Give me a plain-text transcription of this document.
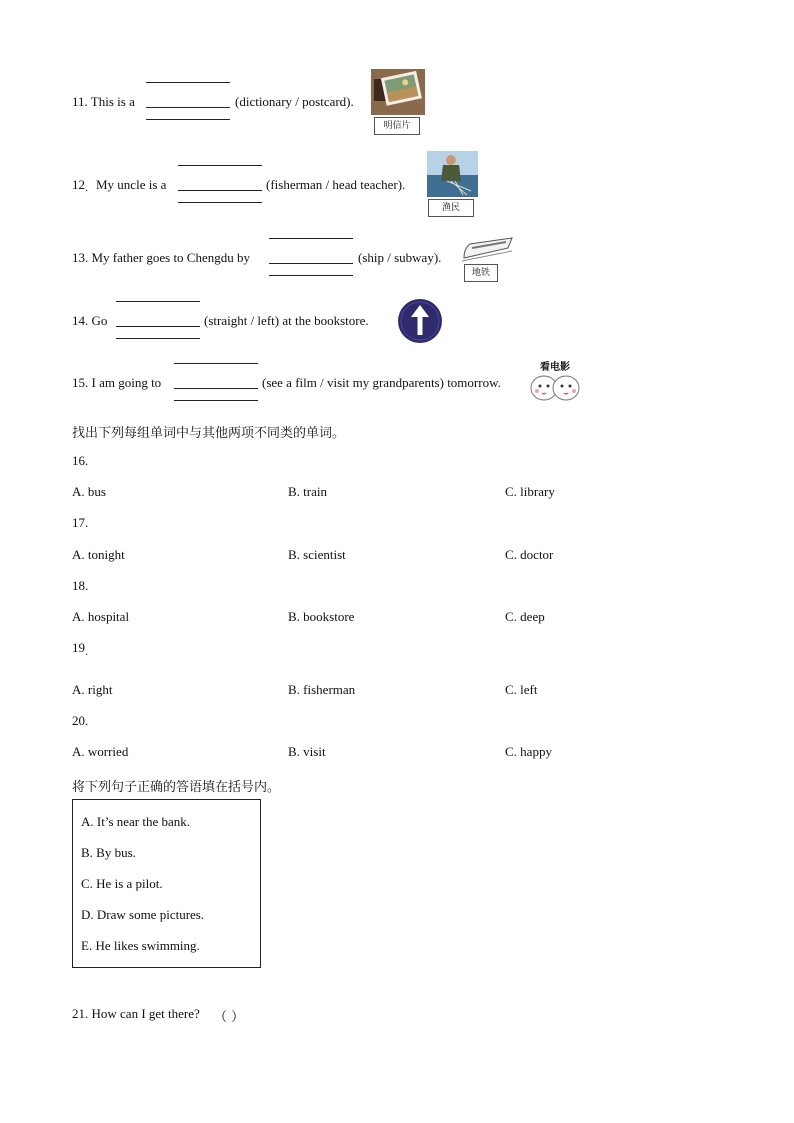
11. This is a	(dictionary / postcard).
明信片
12 · My uncle is a	(fisherman / head teacher).
渔民
13. My father goes to Chengdu by	(ship / subway).
地铁
14. Go	(straight / left) at the bookstore.
15. I am going to	(see a film / visit my grandparents) tomorrow.
看电影
找出下列每组单词中与其他两项不同类的单词。
16.
A. bus	B. train	C. library
17.
A. tonight	B. scientist	C. doctor
18.
A. hospital	B. bookstore	C. deep
19
·
A. right	B. fisherman	C. left
20.
A. worried	B. visit	C. happy
将下列句子正确的答语填在括号内。
A. It’s near the bank.
B. By bus.
C. He is a pilot.
D. Draw some pictures.
E. He likes swimming.
21. How can I get there? （ ）
